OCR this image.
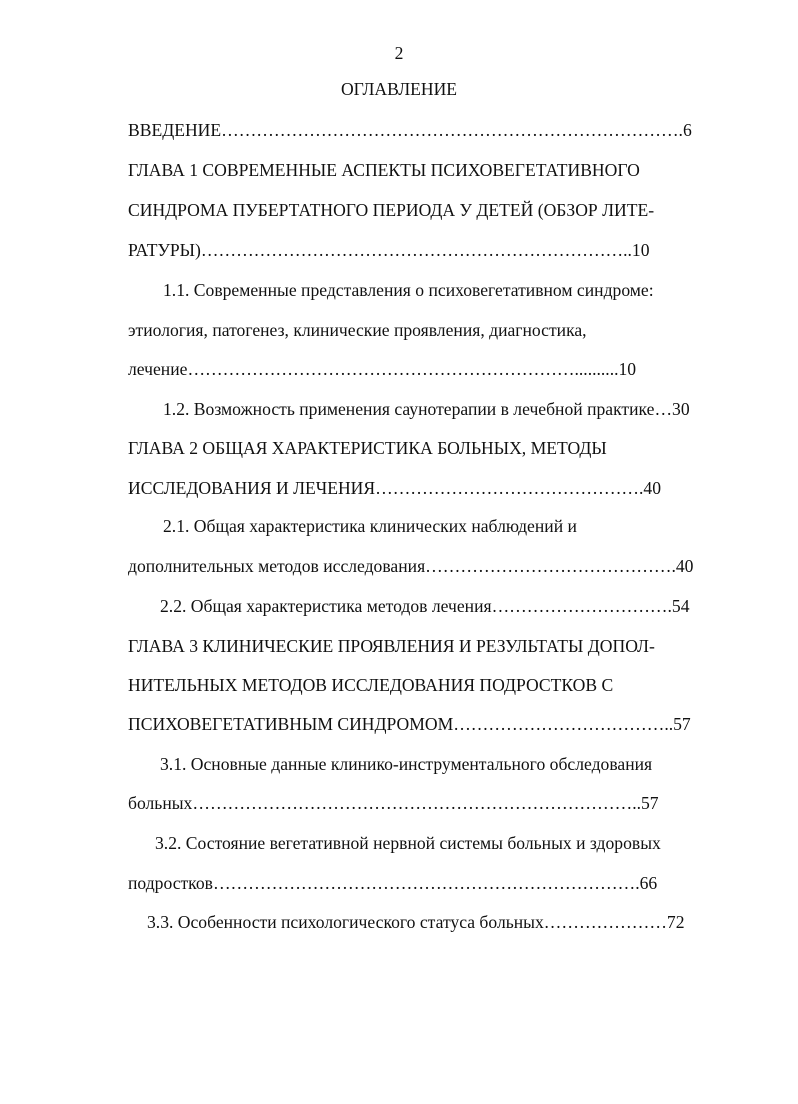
2
ОГЛАВЛЕНИЕ
ВВЕДЕНИЕ…………………………………………………………………….6
ГЛАВА 1 СОВРЕМЕННЫЕ АСПЕКТЫ ПСИХОВЕГЕТАТИВНОГО
СИНДРОМА ПУБЕРТАТНОГО ПЕРИОДА У ДЕТЕЙ (ОБЗОР ЛИТЕ-
РАТУРЫ)………………………………………………………………..10
1.1. Современные представления о психовегетативном синдроме:
этиология, патогенез, клинические проявления, диагностика,
лечение…………………………………………………………..........10
1.2. Возможность применения саунотерапии в лечебной практике…30
ГЛАВА 2 ОБЩАЯ ХАРАКТЕРИСТИКА БОЛЬНЫХ, МЕТОДЫ
ИССЛЕДОВАНИЯ И ЛЕЧЕНИЯ……………………………………….40
2.1. Общая характеристика клинических наблюдений и
дополнительных методов исследования…………………………………….40
2.2. Общая характеристика методов лечения………………………….54
ГЛАВА 3 КЛИНИЧЕСКИЕ ПРОЯВЛЕНИЯ И РЕЗУЛЬТАТЫ ДОПОЛ-
НИТЕЛЬНЫХ МЕТОДОВ ИССЛЕДОВАНИЯ ПОДРОСТКОВ С
ПСИХОВЕГЕТАТИВНЫМ СИНДРОМОМ………………………………..57
3.1. Основные данные клинико-инструментального обследования
больных…………………………………………………………………..57
3.2. Состояние вегетативной нервной системы больных и здоровых
подростков……………………………………………………………….66
3.3. Особенности психологического статуса больных…………………72
